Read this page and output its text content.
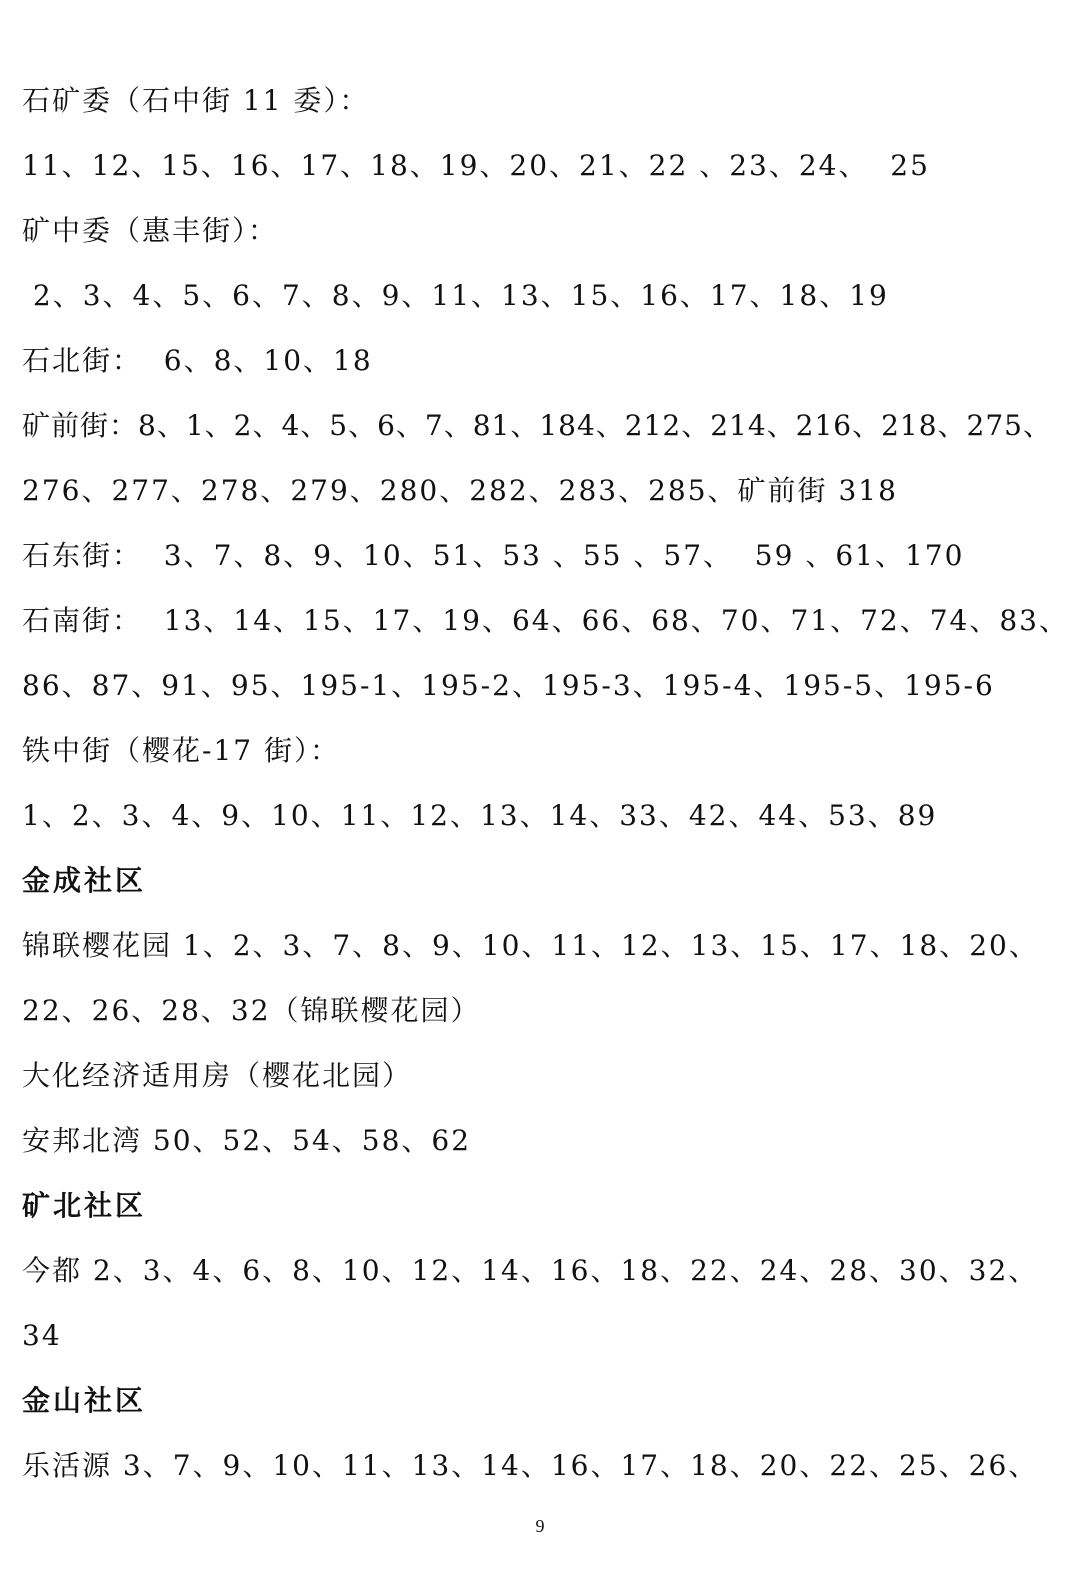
石矿委（石中街 11 委）：
11、12、15、16、17、18、19、20、21、22 、23、24、  25
矿中委（惠丰街）：
2、3、4、5、6、7、8、9、11、13、15、16、17、18、19
石北街：  6、8、10、18
矿前街：8、1、2、4、5、6、7、81、184、212、214、216、218、275、
276、277、278、279、280、282、283、285、矿前街 318
石东街：  3、7、8、9、10、51、53 、55 、57、  59 、61、170
石南街：  13、14、15、17、19、64、66、68、70、71、72、74、83、
86、87、91、95、195-1、195-2、195-3、195-4、195-5、195-6
铁中街（樱花-17 街）：
1、2、3、4、9、10、11、12、13、14、33、42、44、53、89
金成社区
锦联樱花园 1、2、3、7、8、9、10、11、12、13、15、17、18、20、
22、26、28、32（锦联樱花园）
大化经济适用房（樱花北园）
安邦北湾 50、52、54、58、62
矿北社区
今都 2、3、4、6、8、10、12、14、16、18、22、24、28、30、32、
34
金山社区
乐活源 3、7、9、10、11、13、14、16、17、18、20、22、25、26、
9
